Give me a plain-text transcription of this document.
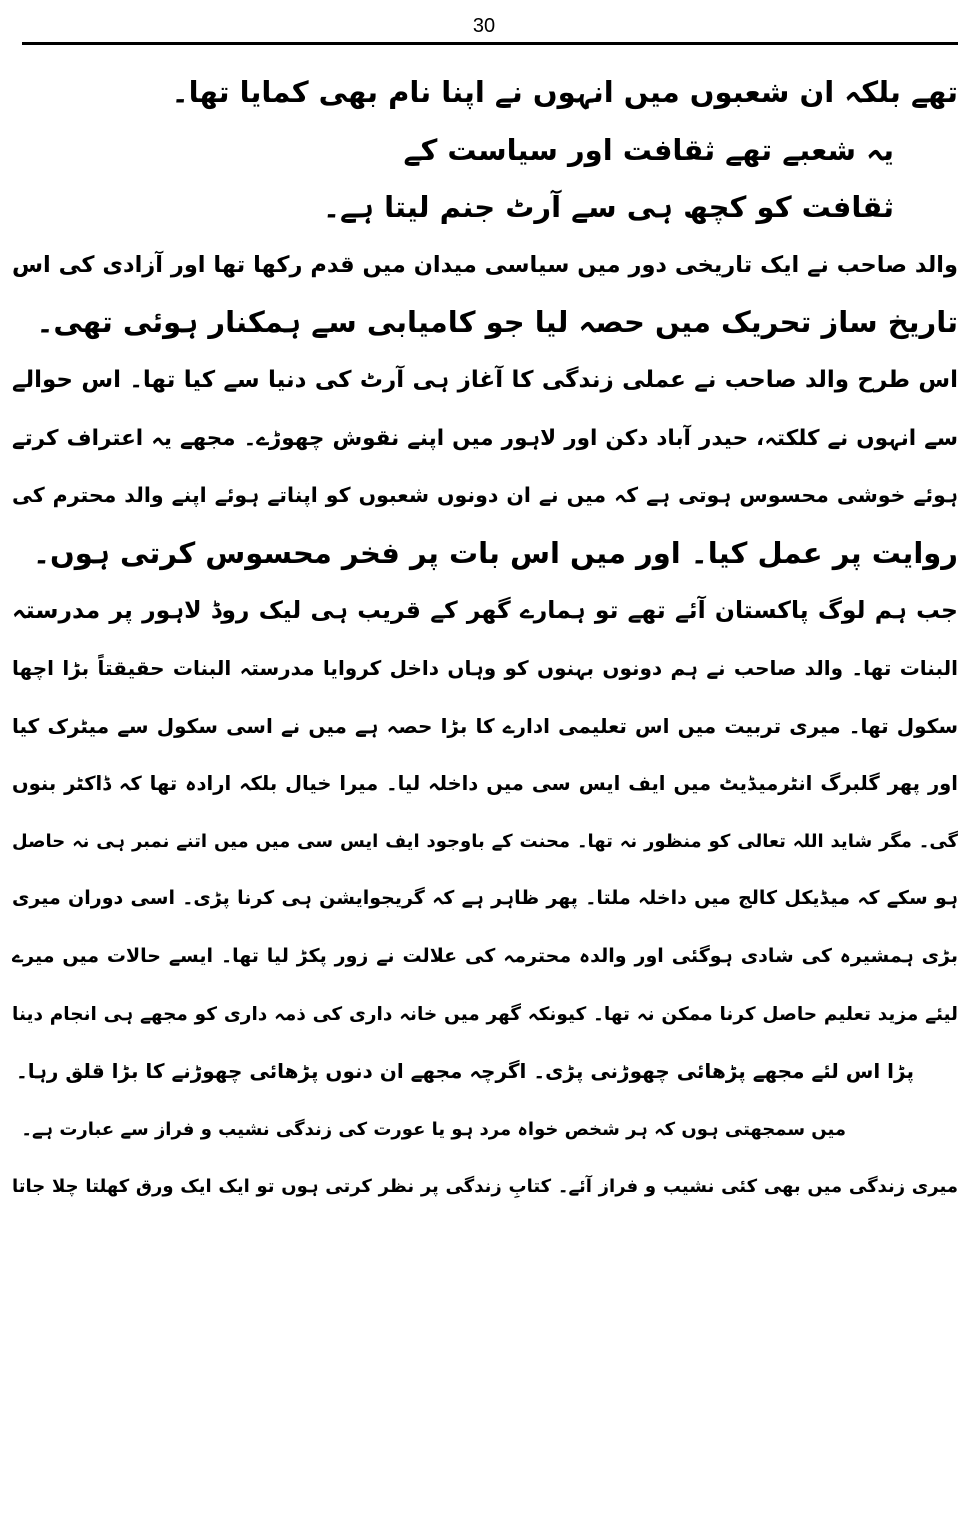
30
تھے بلکہ ان شعبوں میں انہوں نے اپنا نام بھی کمایا تھا۔
یہ شعبے تھے ثقافت اور سیاست کے
ثقافت کو کچھ ہی سے آرٹ جنم لیتا ہے۔
والد صاحب نے ایک تاریخی دور میں سیاسی میدان میں قدم رکھا تھا اور آزادی کی اس
تاریخ ساز تحریک میں حصہ لیا جو کامیابی سے ہمکنار ہوئی تھی۔
اس طرح والد صاحب نے عملی زندگی کا آغاز ہی آرٹ کی دنیا سے کیا تھا۔ اس حوالے
سے انہوں نے کلکتہ، حیدر آباد دکن اور لاہور میں اپنے نقوش چھوڑے۔ مجھے یہ اعتراف کرتے
ہوئے خوشی محسوس ہوتی ہے کہ میں نے ان دونوں شعبوں کو اپناتے ہوئے اپنے والد محترم کی
روایت پر عمل کیا۔ اور میں اس بات پر فخر محسوس کرتی ہوں۔
جب ہم لوگ پاکستان آئے تھے تو ہمارے گھر کے قریب ہی لیک روڈ لاہور پر مدرستہ
البنات تھا۔ والد صاحب نے ہم دونوں بہنوں کو وہاں داخل کروایا مدرستہ البنات حقیقتاً بڑا اچھا
سکول تھا۔ میری تربیت میں اس تعلیمی ادارے کا بڑا حصہ ہے میں نے اسی سکول سے میٹرک کیا
اور پھر گلبرگ انٹرمیڈیٹ میں ایف ایس سی میں داخلہ لیا۔ میرا خیال بلکہ ارادہ تھا کہ ڈاکٹر بنوں
گی۔ مگر شاید اللہ تعالی کو منظور نہ تھا۔ محنت کے باوجود ایف ایس سی میں میں اتنے نمبر ہی نہ حاصل
ہو سکے کہ میڈیکل کالج میں داخلہ ملتا۔ پھر ظاہر ہے کہ گریجوایشن ہی کرنا پڑی۔ اسی دوران میری
بڑی ہمشیرہ کی شادی ہوگئی اور والدہ محترمہ کی علالت نے زور پکڑ لیا تھا۔ ایسے حالات میں میرے
لیئے مزید تعلیم حاصل کرنا ممکن نہ تھا۔ کیونکہ گھر میں خانہ داری کی ذمہ داری کو مجھے ہی انجام دینا
پڑا اس لئے مجھے پڑھائی چھوڑنی پڑی۔ اگرچہ مجھے ان دنوں پڑھائی چھوڑنے کا بڑا قلق رہا۔
میں سمجھتی ہوں کہ ہر شخص خواہ مرد ہو یا عورت کی زندگی نشیب و فراز سے عبارت ہے۔
میری زندگی میں بھی کئی نشیب و فراز آئے۔ کتابِ زندگی پر نظر کرتی ہوں تو ایک ایک ورق کھلتا چلا جاتا
